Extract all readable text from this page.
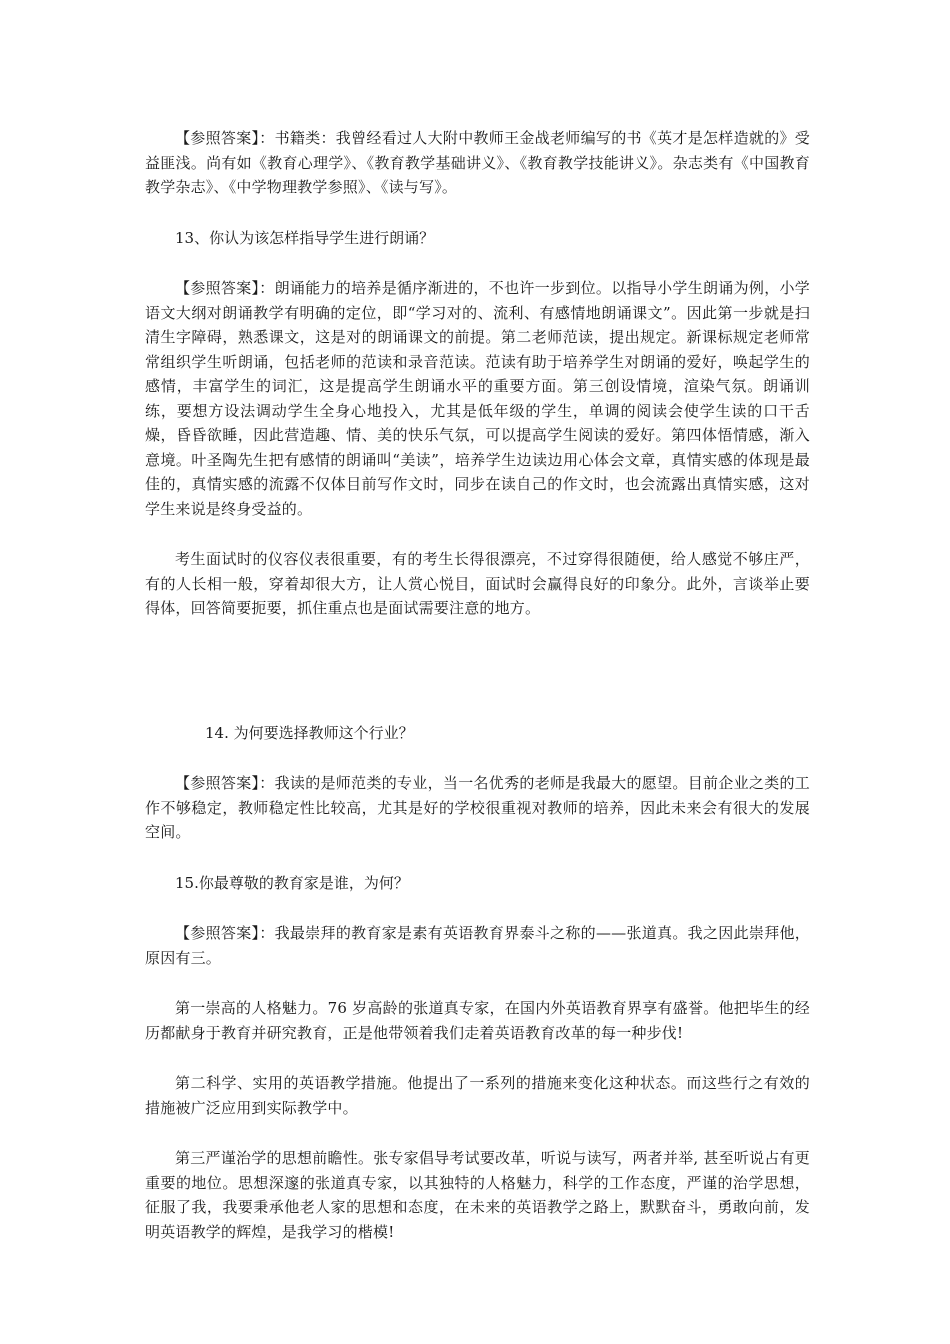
【参照答案】：书籍类：我曾经看过人大附中教师王金战老师编写的书《英才是怎样造就的》受益匪浅。尚有如《教育心理学》、《教育教学基础讲义》、《教育教学技能讲义》。杂志类有《中国教育教学杂志》、《中学物理教学参照》、《读与写》。

13、你认为该怎样指导学生进行朗诵？

【参照答案】：朗诵能力的培养是循序渐进的，不也许一步到位。以指导小学生朗诵为例，小学语文大纲对朗诵教学有明确的定位，即“学习对的、流利、有感情地朗诵课文”。因此第一步就是扫清生字障碍，熟悉课文，这是对的朗诵课文的前提。第二老师范读，提出规定。新课标规定老师常常组织学生听朗诵，包括老师的范读和录音范读。范读有助于培养学生对朗诵的爱好，唤起学生的感情，丰富学生的词汇，这是提高学生朗诵水平的重要方面。第三创设情境，渲染气氛。朗诵训练，要想方设法调动学生全身心地投入，尤其是低年级的学生，单调的阅读会使学生读的口干舌燥，昏昏欲睡，因此营造趣、情、美的快乐气氛，可以提高学生阅读的爱好。第四体悟情感，渐入意境。叶圣陶先生把有感情的朗诵叫“美读”，培养学生边读边用心体会文章，真情实感的体现是最佳的，真情实感的流露不仅体目前写作文时，同步在读自己的作文时，也会流露出真情实感，这对学生来说是终身受益的。

考生面试时的仪容仪表很重要，有的考生长得很漂亮，不过穿得很随便，给人感觉不够庄严，有的人长相一般，穿着却很大方，让人赏心悦目，面试时会赢得良好的印象分。此外，言谈举止要得体，回答简要扼要，抓住重点也是面试需要注意的地方。

14. 为何要选择教师这个行业？

【参照答案】：我读的是师范类的专业，当一名优秀的老师是我最大的愿望。目前企业之类的工作不够稳定，教师稳定性比较高，尤其是好的学校很重视对教师的培养，因此未来会有很大的发展空间。

15.你最尊敬的教育家是谁，为何？

【参照答案】：我最崇拜的教育家是素有英语教育界泰斗之称的——张道真。我之因此崇拜他，原因有三。

第一崇高的人格魅力。76 岁高龄的张道真专家，在国内外英语教育界享有盛誉。他把毕生的经历都献身于教育并研究教育，正是他带领着我们走着英语教育改革的每一种步伐!

第二科学、实用的英语教学措施。他提出了一系列的措施来变化这种状态。而这些行之有效的措施被广泛应用到实际教学中。

第三严谨治学的思想前瞻性。张专家倡导考试要改革，听说与读写，两者并举, 甚至听说占有更重要的地位。思想深邃的张道真专家，以其独特的人格魅力，科学的工作态度，严谨的治学思想，征服了我，我要秉承他老人家的思想和态度，在未来的英语教学之路上，默默奋斗，勇敢向前，发明英语教学的辉煌，是我学习的楷模!
